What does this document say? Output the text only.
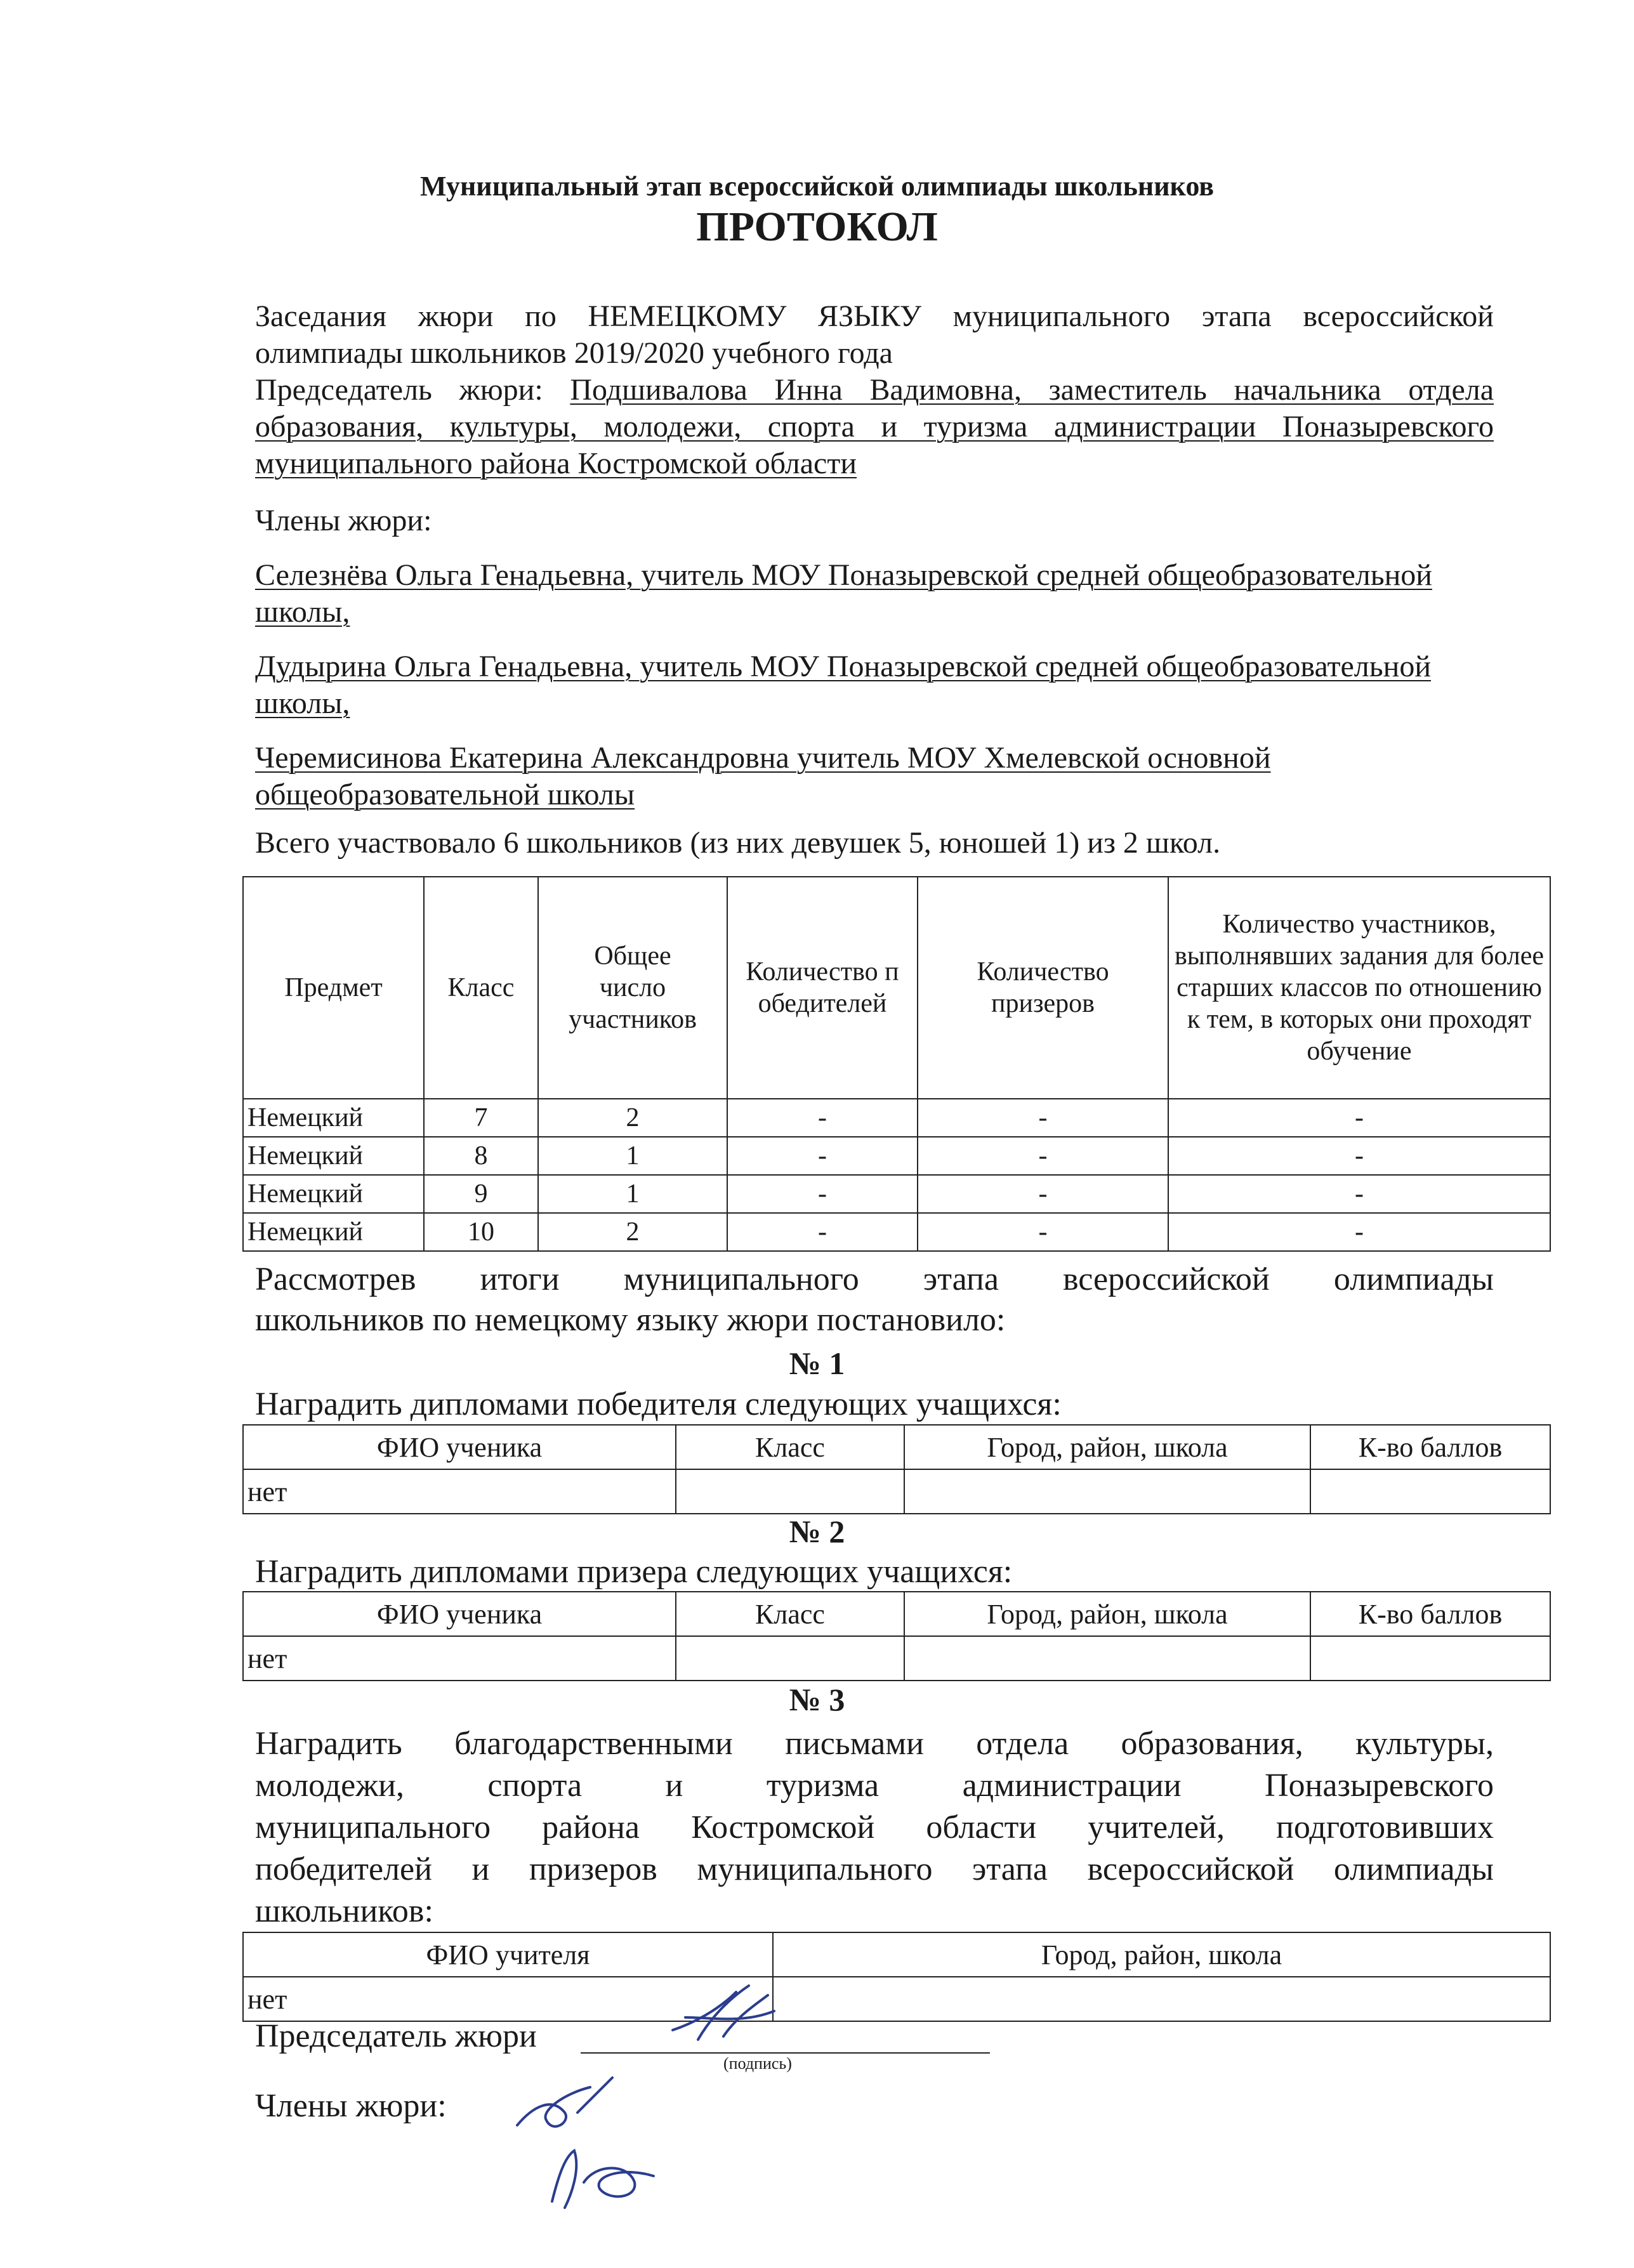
Муниципальный этап всероссийской олимпиады школьников
ПРОТОКОЛ

Заседания жюри по НЕМЕЦКОМУ ЯЗЫКУ муниципального этапа всероссийской

олимпиады школьников 2019/2020 учебного года

Председатель жюри: Подшивалова Инна Вадимовна, заместитель начальника отдела

образования, культуры, молодежи, спорта и туризма администрации Поназыревского

муниципального района Костромской области

Члены жюри:

Селезнёва Ольга Генадьевна, учитель МОУ Поназыревской средней общеобразовательной

школы,

Дудырина Ольга Генадьевна, учитель МОУ Поназыревской средней общеобразовательной

школы,

Черемисинова Екатерина Александровна учитель МОУ Хмелевской основной

общеобразовательной школы

Всего участвовало 6 школьников (из них девушек 5, юношей 1) из 2 школ.
Предмет	Класс	Общее число участников	Количество победителей	Количество призеров	Количество участников, выполнявших задания для более старших классов по отношению к тем, в которых они проходят обучение
Немецкий	7	2	-	-	-
Немецкий	8	1	-	-	-
Немецкий	9	1	-	-	-
Немецкий	10	2	-	-	-

Рассмотрев итоги муниципального этапа всероссийской олимпиады

школьников по немецкому языку жюри постановило:

№ 1
Наградить дипломами победителя следующих учащихся:
ФИО ученика	Класс	Город, район, школа	К-во баллов
нет			
№ 2
Наградить дипломами призера следующих учащихся:
ФИО ученика	Класс	Город, район, школа	К-во баллов
нет			
№ 3

Наградить благодарственными письмами отдела образования, культуры,

молодежи, спорта и туризма администрации Поназыревского

муниципального района Костромской области учителей, подготовивших

победителей и призеров муниципального этапа всероссийской олимпиады

школьников:

ФИО учителя	Город, район, школа
нет	
Председатель жюри
(подпись)
Члены жюри:
